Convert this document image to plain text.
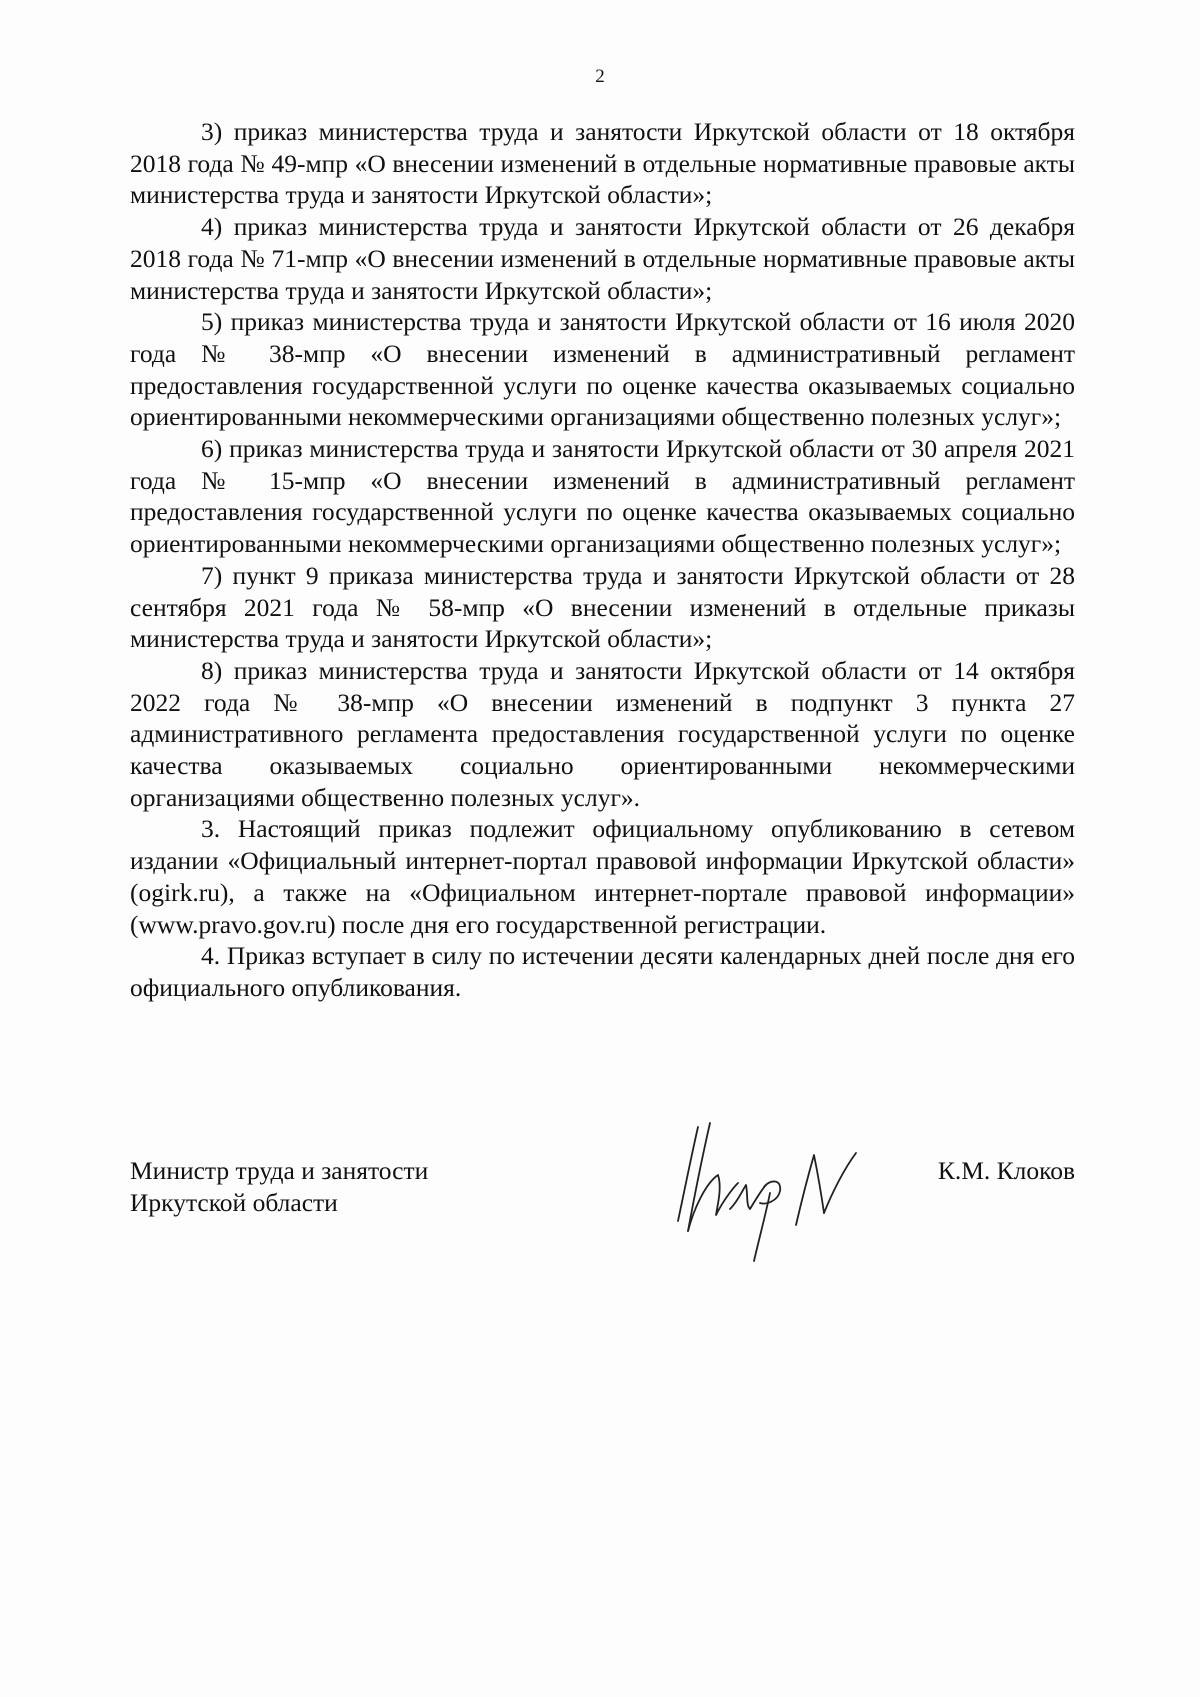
2

3) приказ министерства труда и занятости Иркутской области от 18 октября 2018 года № 49-мпр «О внесении изменений в отдельные нормативные правовые акты министерства труда и занятости Иркутской области»;

4) приказ министерства труда и занятости Иркутской области от 26 декабря 2018 года № 71-мпр «О внесении изменений в отдельные нормативные правовые акты министерства труда и занятости Иркутской области»;

5) приказ министерства труда и занятости Иркутской области от 16 июля 2020 года № 38-мпр «О внесении изменений в административный регламент предоставления государственной услуги по оценке качества оказываемых социально ориентированными некоммерческими организациями общественно полезных услуг»;

6) приказ министерства труда и занятости Иркутской области от 30 апреля 2021 года № 15-мпр «О внесении изменений в административный регламент предоставления государственной услуги по оценке качества оказываемых социально ориентированными некоммерческими организациями общественно полезных услуг»;

7) пункт 9 приказа министерства труда и занятости Иркутской области от 28 сентября 2021 года № 58-мпр «О внесении изменений в отдельные приказы министерства труда и занятости Иркутской области»;

8) приказ министерства труда и занятости Иркутской области от 14 октября 2022 года № 38-мпр «О внесении изменений в подпункт 3 пункта 27 административного регламента предоставления государственной услуги по оценке качества оказываемых социально ориентированными некоммерческими организациями общественно полезных услуг».

3. Настоящий приказ подлежит официальному опубликованию в сетевом издании «Официальный интернет-портал правовой информации Иркутской области» (ogirk.ru), а также на «Официальном интернет-портале правовой информации» (www.pravo.gov.ru) после дня его государственной регистрации.

4. Приказ вступает в силу по истечении десяти календарных дней после дня его официального опубликования.

Министр труда и занятости
Иркутской области
К.М. Клоков
